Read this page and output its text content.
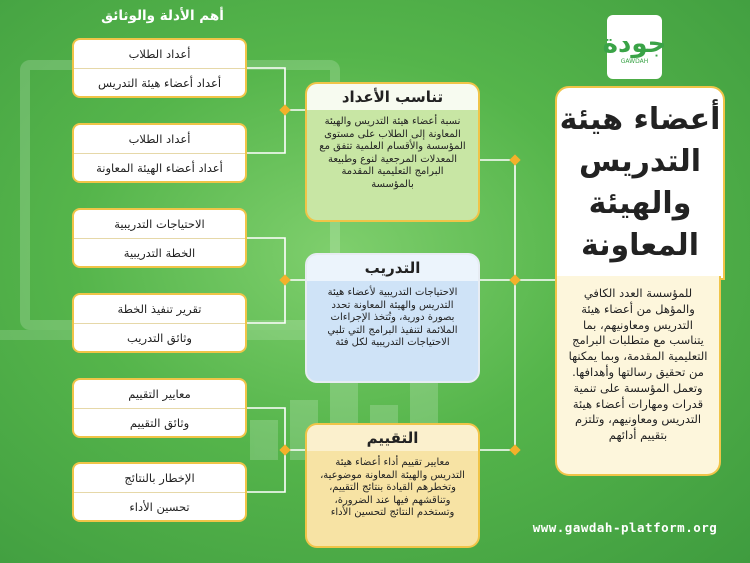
أهم الأدلة والوثائق
جودة
GAWDAH
أعضاء هيئة التدريس والهيئة المعاونة
للمؤسسة العدد الكافي والمؤهل من أعضاء هيئة التدريس ومعاونيهم، بما يتناسب مع متطلبات البرامج التعليمية المقدمة، وبما يمكنها من تحقيق رسالتها وأهدافها. وتعمل المؤسسة على تنمية قدرات ومهارات أعضاء هيئة التدريس ومعاونيهم، وتلتزم بتقييم أدائهم
تناسب الأعداد
نسبة أعضاء هيئة التدريس والهيئة المعاونة إلى الطلاب على مستوى المؤسسة والأقسام العلمية تتفق مع المعدلات المرجعية لنوع وطبيعة البرامج التعليمية المقدمة بالمؤسسة
التدريب
الاحتياجات التدريبية لأعضاء هيئة التدريس والهيئة المعاونة تحدد بصورة دورية، وتُتخذ الإجراءات الملائمة لتنفيذ البرامج التي تلبي الاحتياجات التدريبية لكل فئة
التقييم
معايير تقييم أداء أعضاء هيئة التدريس والهيئة المعاونة موضوعية، وتخطرهم القيادة بنتائج التقييم، وتناقشهم فيها عند الضرورة، وتستخدم النتائج لتحسين الأداء
أعداد الطلاب
أعداد أعضاء هيئة التدريس
أعداد الطلاب
أعداد أعضاء الهيئة المعاونة
الاحتياجات التدريبية
الخطة التدريبية
تقرير تنفيذ الخطة
وثائق التدريب
معايير التقييم
وثائق التقييم
الإخطار بالنتائج
تحسين الأداء
www.gawdah-platform.org
